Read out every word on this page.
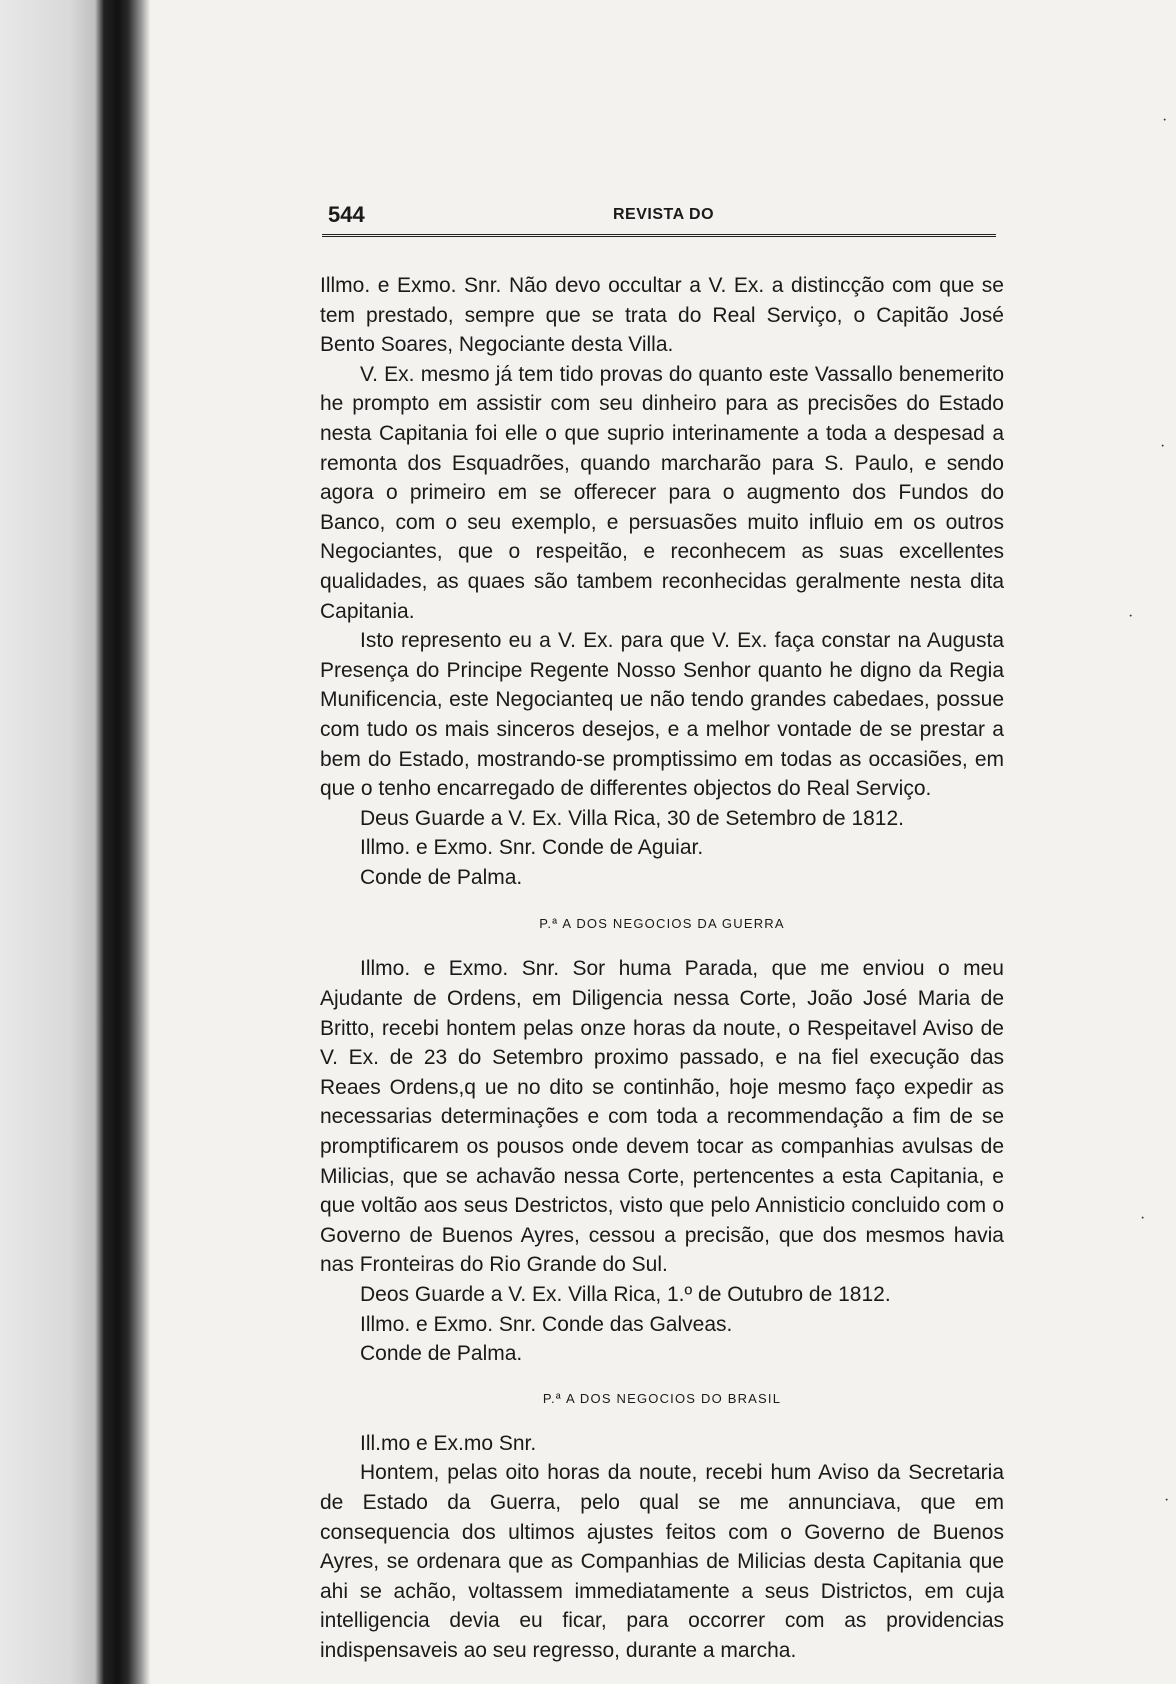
544	REVISTA DO

Illmo. e Exmo. Snr. Não devo occultar a V. Ex. a distincção com que se tem prestado, sempre que se trata do Real Serviço, o Capitão José Bento Soares, Negociante desta Villa.

V. Ex. mesmo já tem tido provas do quanto este Vassallo benemerito he prompto em assistir com seu dinheiro para as precisões do Estado nesta Capitania foi elle o que suprio interinamente a toda a despesad a remonta dos Esquadrões, quando marcharão para S. Paulo, e sendo agora o primeiro em se offerecer para o augmento dos Fundos do Banco, com o seu exemplo, e persuasões muito influio em os outros Negociantes, que o respeitão, e reconhecem as suas excellentes qualidades, as quaes são tambem reconhecidas geralmente nesta dita Capitania.

Isto represento eu a V. Ex. para que V. Ex. faça constar na Augusta Presença do Principe Regente Nosso Senhor quanto he digno da Regia Munificencia, este Negocianteq ue não tendo grandes cabedaes, possue com tudo os mais sinceros desejos, e a melhor vontade de se prestar a bem do Estado, mostrando-se promptissimo em todas as occasiões, em que o tenho encarregado de differentes objectos do Real Serviço.

Deus Guarde a V. Ex. Villa Rica, 30 de Setembro de 1812.

Illmo. e Exmo. Snr. Conde de Aguiar.

Conde de Palma.

P.ª A DOS NEGOCIOS DA GUERRA

Illmo. e Exmo. Snr. Sor huma Parada, que me enviou o meu Ajudante de Ordens, em Diligencia nessa Corte, João José Maria de Britto, recebi hontem pelas onze horas da noute, o Respeitavel Aviso de V. Ex. de 23 do Setembro proximo passado, e na fiel execução das Reaes Ordens,q ue no dito se continhão, hoje mesmo faço expedir as necessarias determinações e com toda a recommendação a fim de se promptificarem os pousos onde devem tocar as companhias avulsas de Milicias, que se achavão nessa Corte, pertencentes a esta Capitania, e que voltão aos seus Destrictos, visto que pelo Annisticio concluido com o Governo de Buenos Ayres, cessou a precisão, que dos mesmos havia nas Fronteiras do Rio Grande do Sul.

Deos Guarde a V. Ex. Villa Rica, 1.º de Outubro de 1812.

Illmo. e Exmo. Snr. Conde das Galveas.

Conde de Palma.

P.ª A DOS NEGOCIOS DO BRASIL

Ill.mo e Ex.mo Snr.

Hontem, pelas oito horas da noute, recebi hum Aviso da Secretaria de Estado da Guerra, pelo qual se me annunciava, que em consequencia dos ultimos ajustes feitos com o Governo de Buenos Ayres, se ordenara que as Companhias de Milicias desta Capitania que ahi se achão, voltassem immediatamente a seus Districtos, em cuja intelligencia devia eu ficar, para occorrer com as providencias indispensaveis ao seu regresso, durante a marcha.

·
·
·
·
·
